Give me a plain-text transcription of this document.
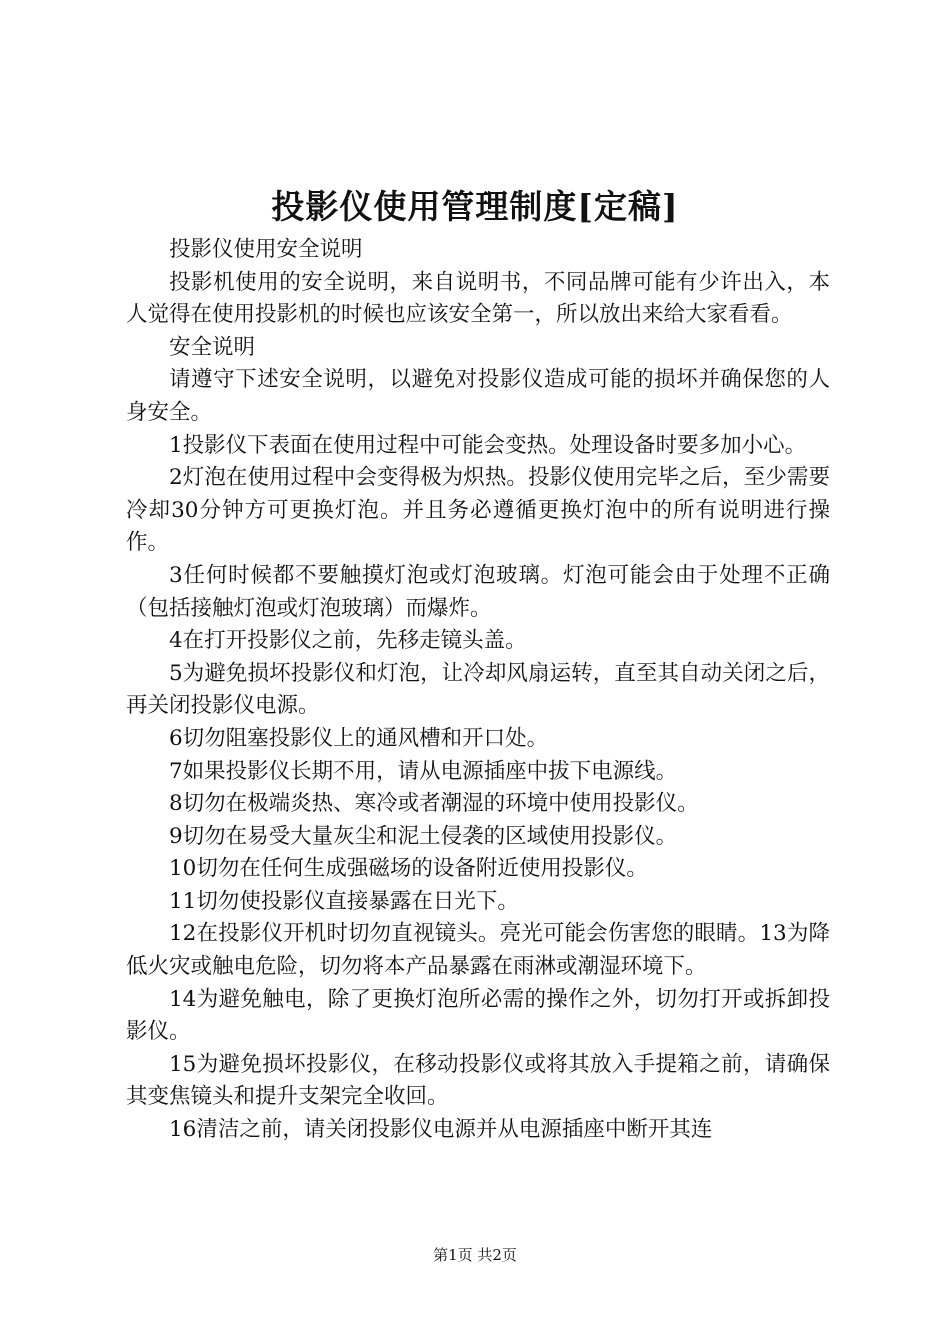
投影仪使用管理制度[定稿]

投影仪使用安全说明

投影机使用的安全说明，来自说明书，不同品牌可能有少许出入，本人觉得在使用投影机的时候也应该安全第一，所以放出来给大家看看。

安全说明

请遵守下述安全说明，以避免对投影仪造成可能的损坏并确保您的人身安全。

1投影仪下表面在使用过程中可能会变热。处理设备时要多加小心。

2灯泡在使用过程中会变得极为炽热。投影仪使用完毕之后，至少需要冷却30分钟方可更换灯泡。并且务必遵循更换灯泡中的所有说明进行操作。

3任何时候都不要触摸灯泡或灯泡玻璃。灯泡可能会由于处理不正确（包括接触灯泡或灯泡玻璃）而爆炸。

4在打开投影仪之前，先移走镜头盖。

5为避免损坏投影仪和灯泡，让冷却风扇运转，直至其自动关闭之后，再关闭投影仪电源。

6切勿阻塞投影仪上的通风槽和开口处。

7如果投影仪长期不用，请从电源插座中拔下电源线。

8切勿在极端炎热、寒冷或者潮湿的环境中使用投影仪。

9切勿在易受大量灰尘和泥土侵袭的区域使用投影仪。

10切勿在任何生成强磁场的设备附近使用投影仪。

11切勿使投影仪直接暴露在日光下。

12在投影仪开机时切勿直视镜头。亮光可能会伤害您的眼睛。13为降低火灾或触电危险，切勿将本产品暴露在雨淋或潮湿环境下。

14为避免触电，除了更换灯泡所必需的操作之外，切勿打开或拆卸投影仪。

15为避免损坏投影仪，在移动投影仪或将其放入手提箱之前，请确保其变焦镜头和提升支架完全收回。

16清洁之前，请关闭投影仪电源并从电源插座中断开其连

第1页 共2页
